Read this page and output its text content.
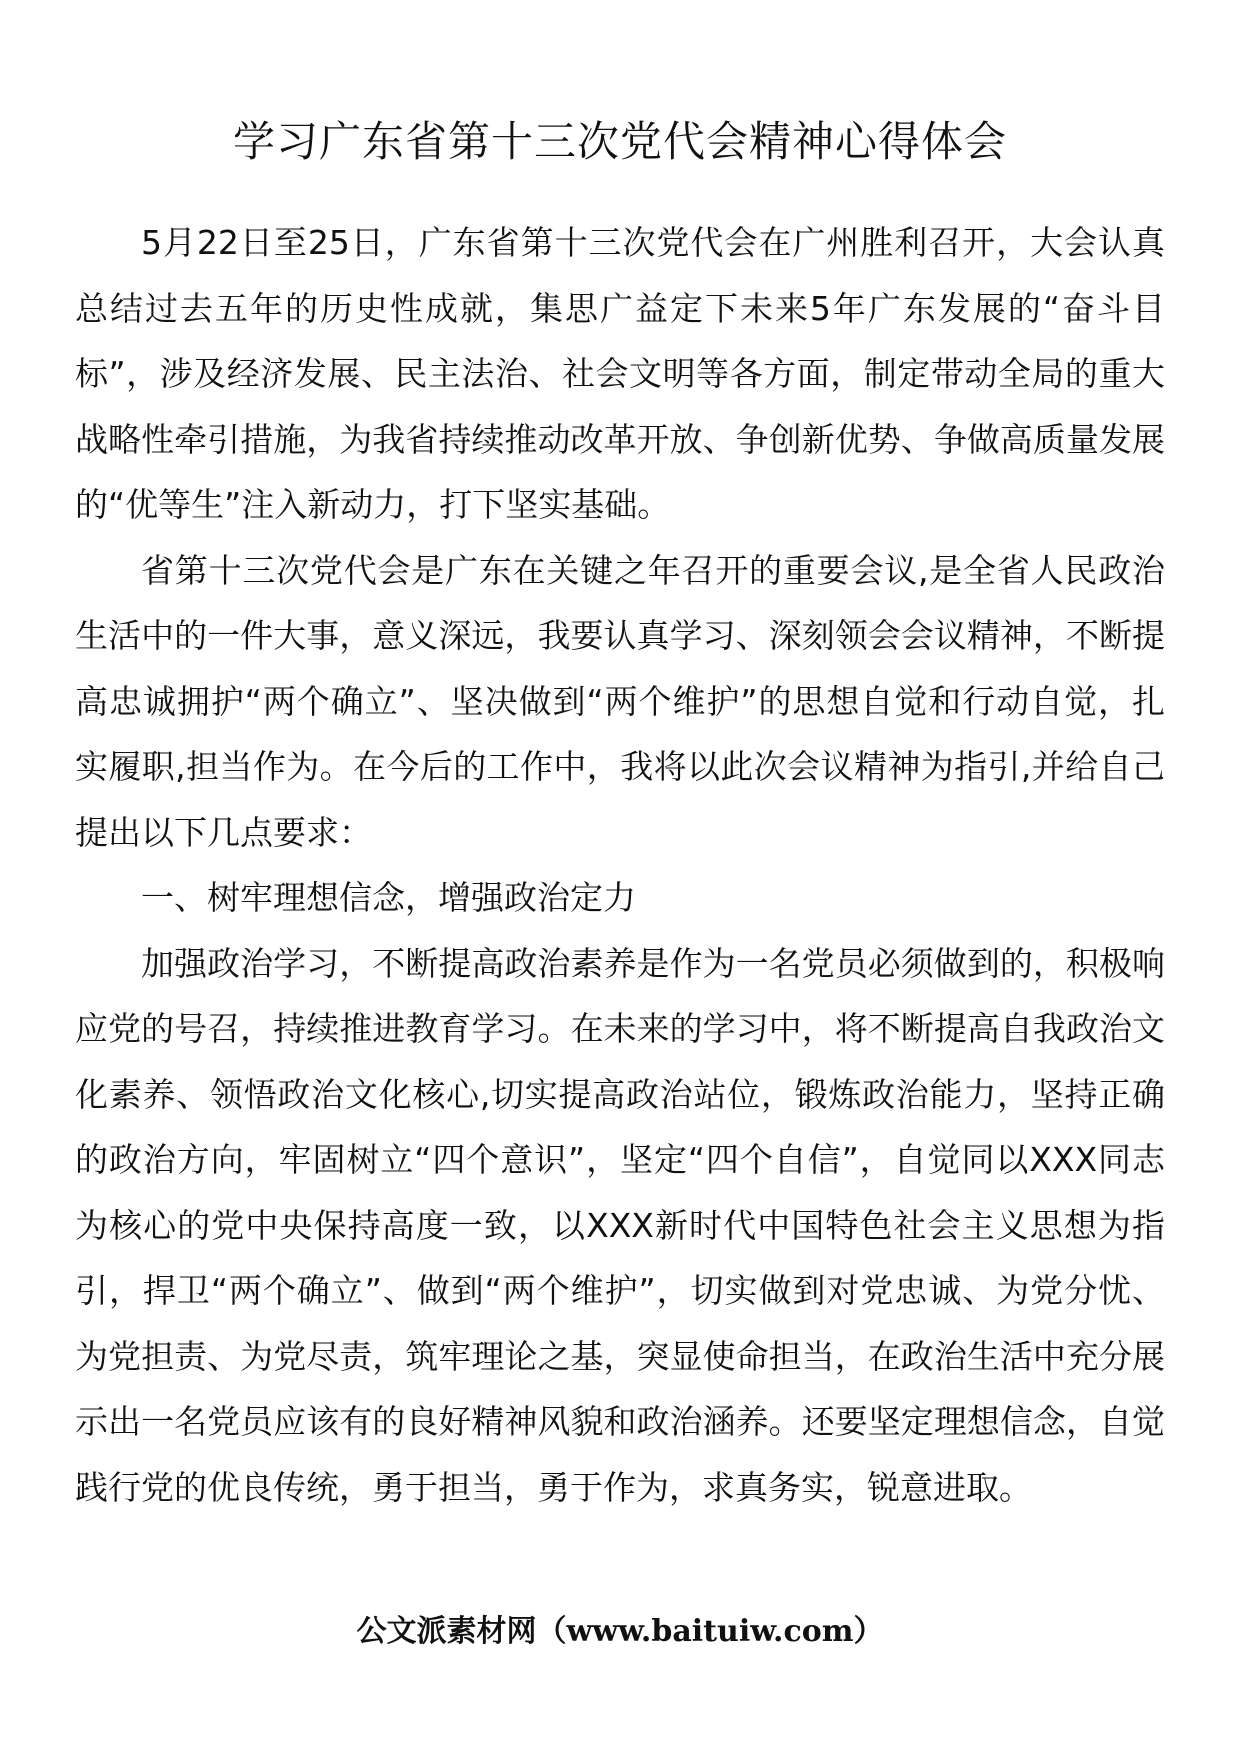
学习广东省第十三次党代会精神心得体会

5月22日至25日，广东省第十三次党代会在广州胜利召开，大会认真总结过去五年的历史性成就，集思广益定下未来5年广东发展的“奋斗目标”，涉及经济发展、民主法治、社会文明等各方面，制定带动全局的重大战略性牵引措施，为我省持续推动改革开放、争创新优势、争做高质量发展的“优等生”注入新动力，打下坚实基础。

省第十三次党代会是广东在关键之年召开的重要会议,是全省人民政治生活中的一件大事，意义深远，我要认真学习、深刻领会会议精神，不断提高忠诚拥护“两个确立”、坚决做到“两个维护”的思想自觉和行动自觉，扎实履职,担当作为。在今后的工作中，我将以此次会议精神为指引,并给自己提出以下几点要求：

一、树牢理想信念，增强政治定力

加强政治学习，不断提高政治素养是作为一名党员必须做到的，积极响应党的号召，持续推进教育学习。在未来的学习中，将不断提高自我政治文化素养、领悟政治文化核心,切实提高政治站位，锻炼政治能力，坚持正确的政治方向，牢固树立“四个意识”，坚定“四个自信”，自觉同以XXX同志为核心的党中央保持高度一致，以XXX新时代中国特色社会主义思想为指引，捍卫“两个确立”、做到“两个维护”，切实做到对党忠诚、为党分忧、为党担责、为党尽责，筑牢理论之基，突显使命担当，在政治生活中充分展示出一名党员应该有的良好精神风貌和政治涵养。还要坚定理想信念，自觉践行党的优良传统，勇于担当，勇于作为，求真务实，锐意进取。

公文派素材网（www.baituiw.com）
